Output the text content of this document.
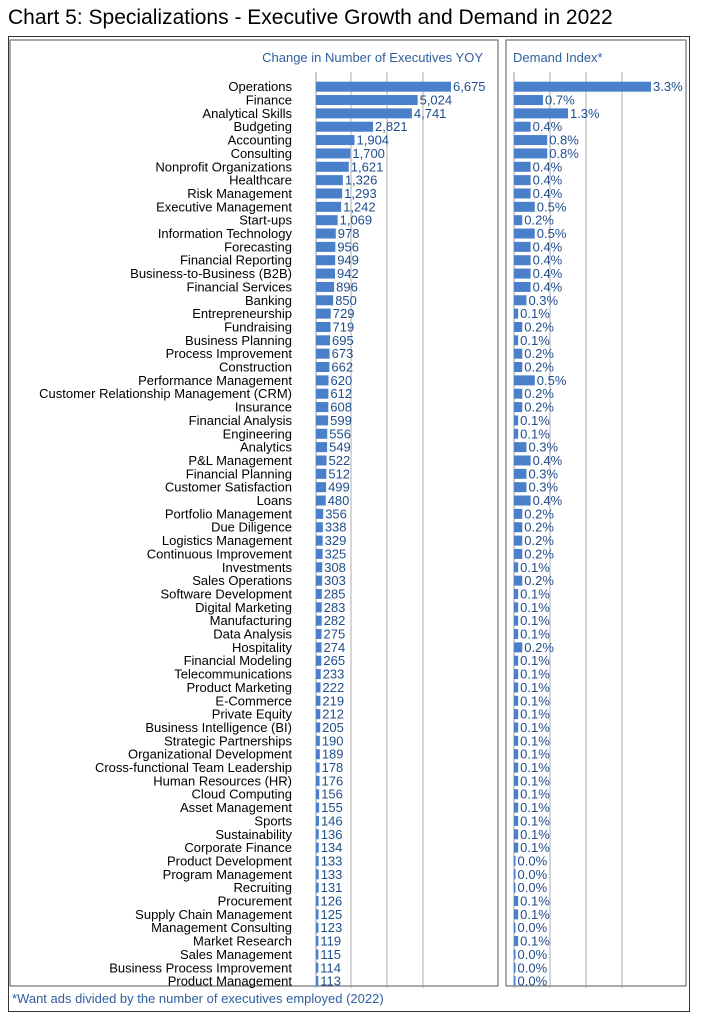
Chart 5: Specializations - Executive Growth and Demand in 2022
Change in Number of Executives YOY Demand Index*
Operations	6,675	3.3%
Finance	5,024	0.7%
Analytical Skills	4,741	1.3%
Budgeting	2,821	0.4%
Accounting	1,904	0.8%
Consulting	1,700	0.8%
Nonprofit Organizations	1,621	0.4%
Healthcare	1,326	0.4%
Risk Management	1,293	0.4%
Executive Management	1,242	0.5%
Start-ups	1,069	0.2%
Information Technology	978	0.5%
Forecasting	956	0.4%
Financial Reporting	949	0.4%
Business-to-Business (B2B)	942	0.4%
Financial Services	896	0.4%
Banking	850	0.3%
Entrepreneurship	729	0.1%
Fundraising	719	0.2%
Business Planning	695	0.1%
Process Improvement	673	0.2%
Construction	662	0.2%
Performance Management	620	0.5%
Customer Relationship Management (CRM)	612	0.2%
Insurance	608	0.2%
Financial Analysis	599	0.1%
Engineering	556	0.1%
Analytics	549	0.3%
P&L Management	522	0.4%
Financial Planning	512	0.3%
Customer Satisfaction	499	0.3%
Loans	480	0.4%
Portfolio Management	356	0.2%
Due Diligence	338	0.2%
Logistics Management	329	0.2%
Continuous Improvement	325	0.2%
Investments 308	0.1%
Sales Operations 303	0.2%
Software Development 285	0.1%
Digital Marketing 283	0.1%
Manufacturing 282	0.1%
Data Analysis 275	0.1%
Hospitality 274	0.2%
Financial Modeling 265	0.1%
Telecommunications 233	0.1%
Product Marketing 222	0.1%
E-Commerce 219	0.1%
Private Equity 212	0.1%
Business Intelligence (BI) 205	0.1%
Strategic Partnerships 190	0.1%
Organizational Development 189	0.1%
Cross-functional Team Leadership 178	0.1%
Human Resources (HR) 176	0.1%
Cloud Computing 156	0.1%
Asset Management 155	0.1%
Sports 146	0.1%
Sustainability 136	0.1%
Corporate Finance 134	0.1%
Product Development 133	0.0%
Program Management 133	0.0%
Recruiting 131	0.0%
Procurement 126	0.1%
Supply Chain Management 125	0.1%
Management Consulting 123	0.0%
Market Research 119	0.1%
Sales Management 115	0.0%
Business Process Improvement 114	0.0%
Product Management 113	0.0%
*Want ads divided by the number of executives employed (2022)
